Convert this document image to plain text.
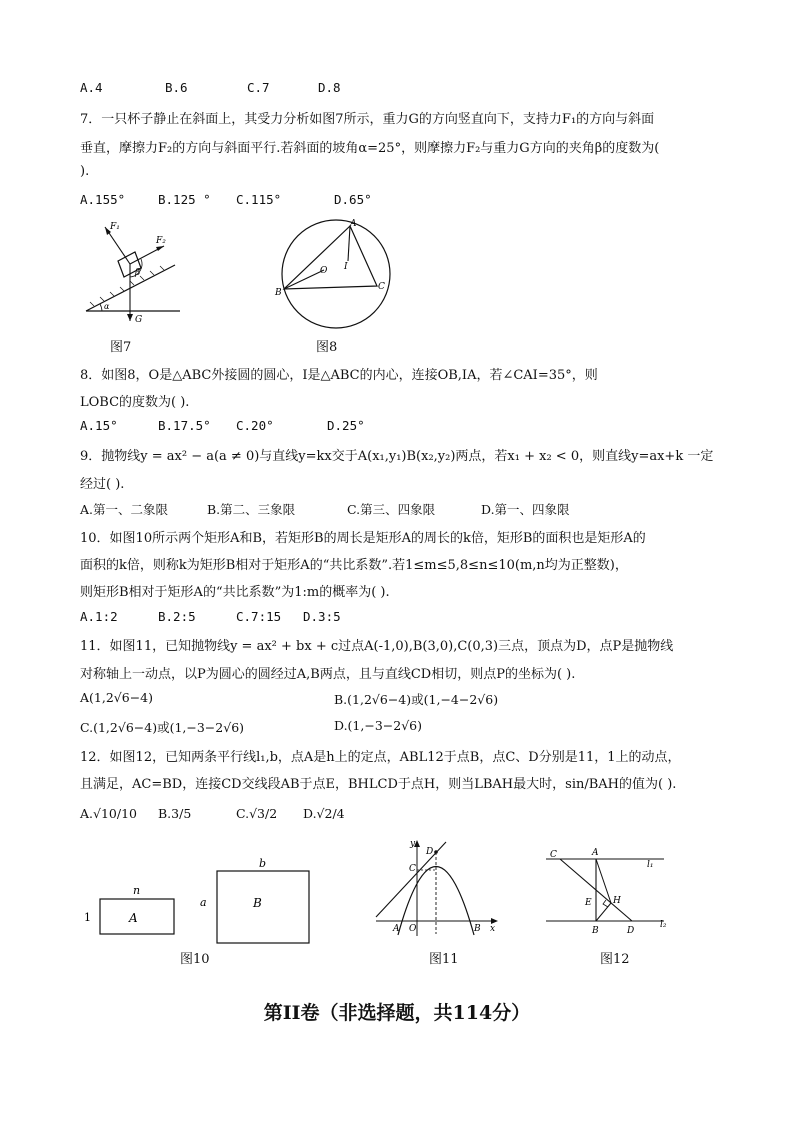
A.4	B.6	C.7	D.8
7．一只杯子静止在斜面上，其受力分析如图7所示，重力G的方向竖直向下，支持力F₁的方向与斜面
垂直，摩擦力F₂的方向与斜面平行.若斜面的坡角α=25°，则摩擦力F₂与重力G方向的夹角β的度数为(
).
A.155°	B.125 ° C.115°	D.65°
F₁
F₂
β
α
G
图7
A
B
C
O I
图8
8．如图8，O是△ABC外接圆的圆心，I是△ABC的内心，连接OB,IA，若∠CAI=35°，则
LOBC的度数为( ).
A.15°	B.17.5° C.20°	D.25°
9．抛物线y = ax² − a(a ≠ 0)与直线y=kx交于A(x₁,y₁)B(x₂,y₂)两点，若x₁ + x₂ < 0，则直线y=ax+k 一定
经过( ).
A.第一、二象限	B.第二、三象限	C.第三、四象限	D.第一、四象限
10．如图10所示两个矩形A和B，若矩形B的周长是矩形A的周长的k倍，矩形B的面积也是矩形A的
面积的k倍，则称k为矩形B相对于矩形A的“共比系数”.若1≤m≤5,8≤n≤10(m,n均为正整数)，
则矩形B相对于矩形A的“共比系数”为1:m的概率为( ).
A.1:2	B.2:5	C.7:15 D.3:5
11．如图11，已知抛物线y = ax² + bx + c过点A(-1,0),B(3,0),C(0,3)三点，顶点为D，点P是抛物线
对称轴上一动点，以P为圆心的圆经过A,B两点，且与直线CD相切，则点P的坐标为( ).
A(1,2√6−4)	B.(1,2√6−4)或(1,−4−2√6)
C.(1,2√6−4)或(1,−3−2√6)	D.(1,−3−2√6)
12．如图12，已知两条平行线l₁,b，点A是h上的定点，ABL12于点B，点C、D分别是11，1上的动点，
且满足，AC=BD，连接CD交线段AB于点E，BHLCD于点H，则当LBAH最大时，sin/BAH的值为( ).
A.√10/10 B.3/5	C.√3/2 D.√2/4
n
1	A
a
b
B
图10
y
D
C
A O	B x
图11
C	A
l₁
E H
l₂
B	D
图12
第II卷（非选择题，共114分）
